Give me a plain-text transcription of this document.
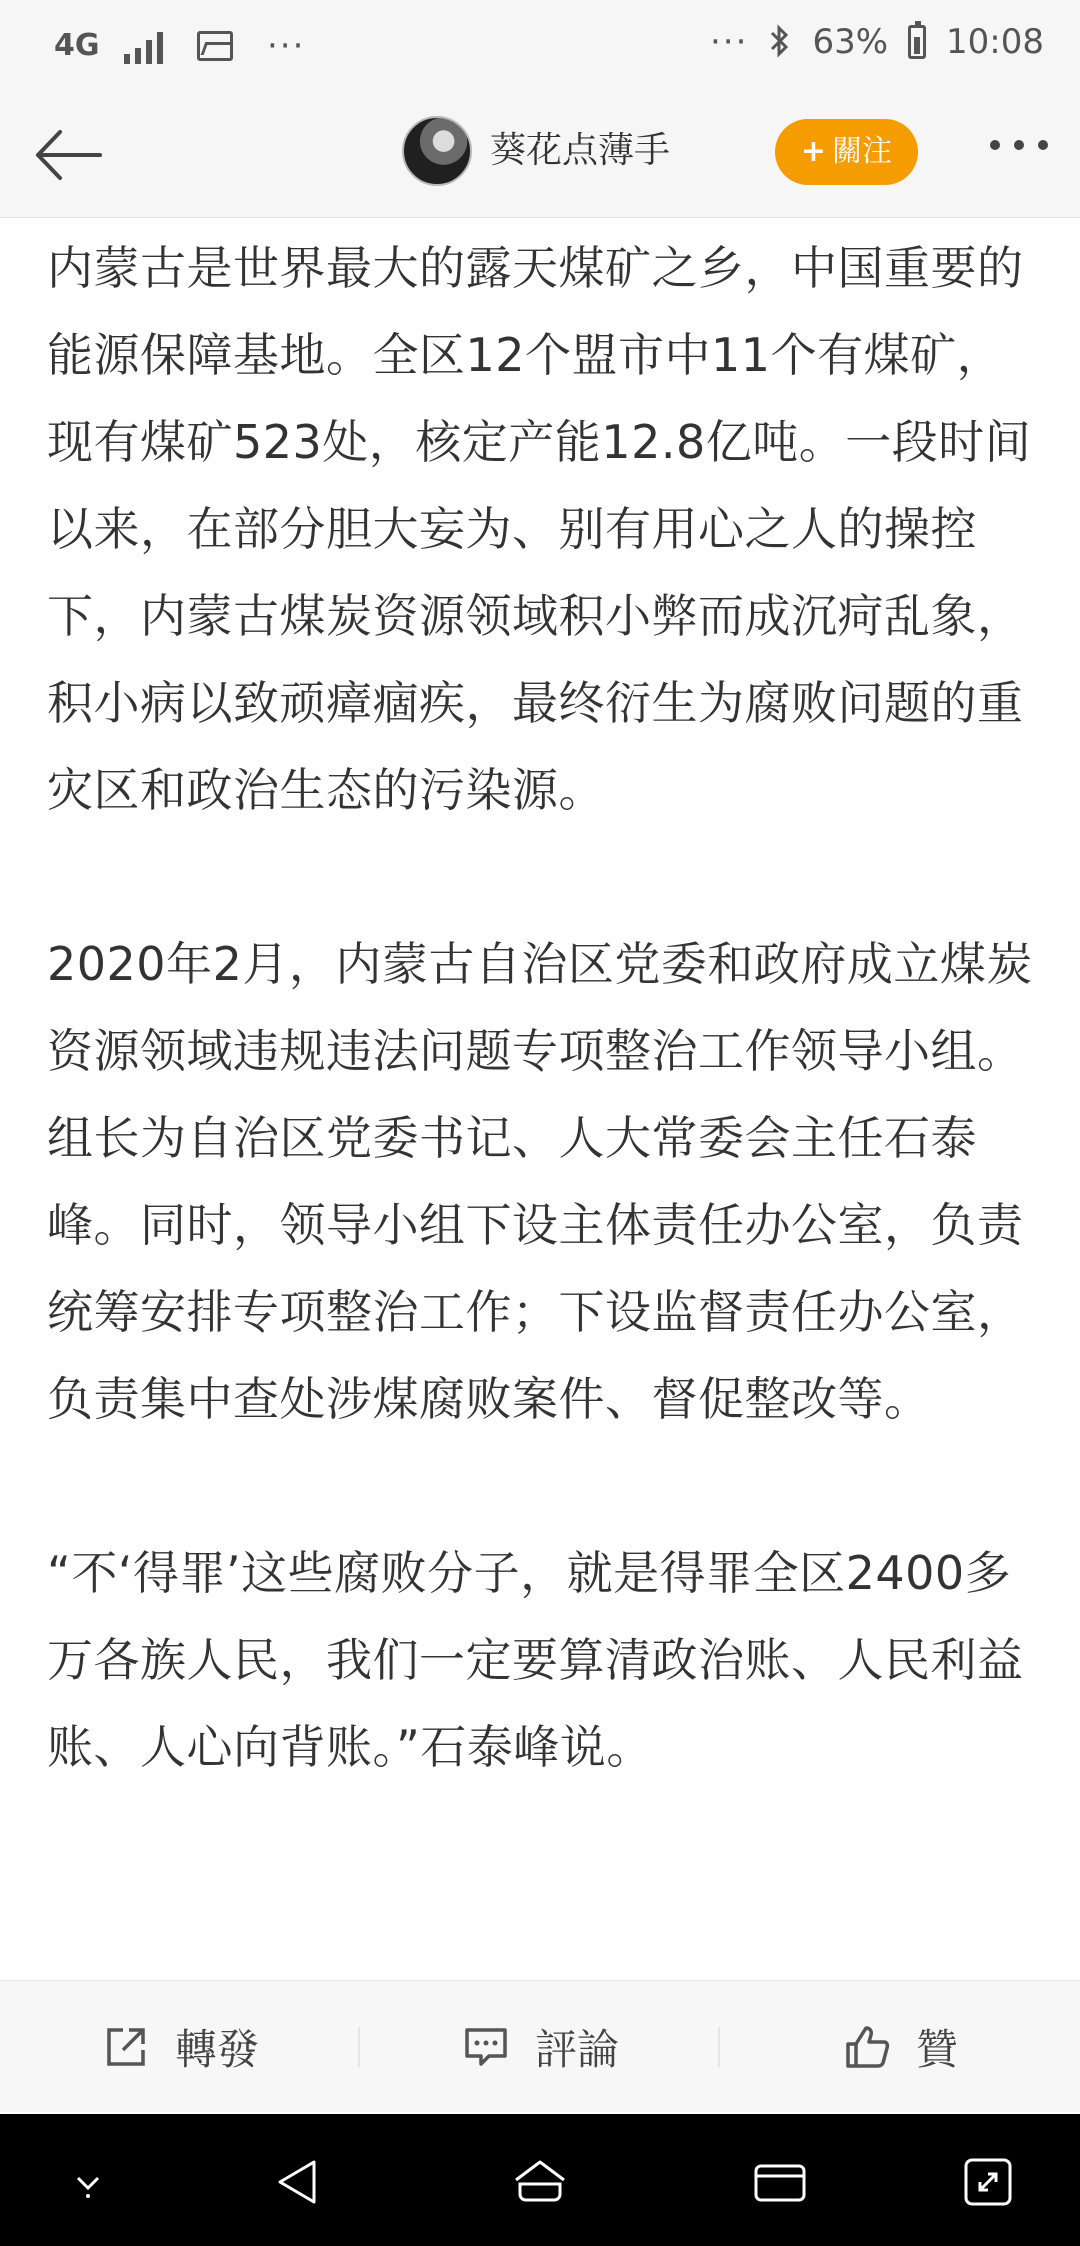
4G	···	··· 63% 10:08
葵花点薄手	+ 關注

内蒙古是世界最大的露天煤矿之乡，中国重要的能源保障基地。全区12个盟市中11个有煤矿，现有煤矿523处，核定产能12.8亿吨。一段时间以来，在部分胆大妄为、别有用心之人的操控下，内蒙古煤炭资源领域积小弊而成沉疴乱象，积小病以致顽瘴痼疾，最终衍生为腐败问题的重灾区和政治生态的污染源。

2020年2月，内蒙古自治区党委和政府成立煤炭资源领域违规违法问题专项整治工作领导小组。组长为自治区党委书记、人大常委会主任石泰峰。同时，领导小组下设主体责任办公室，负责统筹安排专项整治工作；下设监督责任办公室，负责集中查处涉煤腐败案件、督促整改等。

“不‘得罪’这些腐败分子，就是得罪全区2400多万各族人民，我们一定要算清政治账、人民利益账、人心向背账。”石泰峰说。

轉發	評論	贊
